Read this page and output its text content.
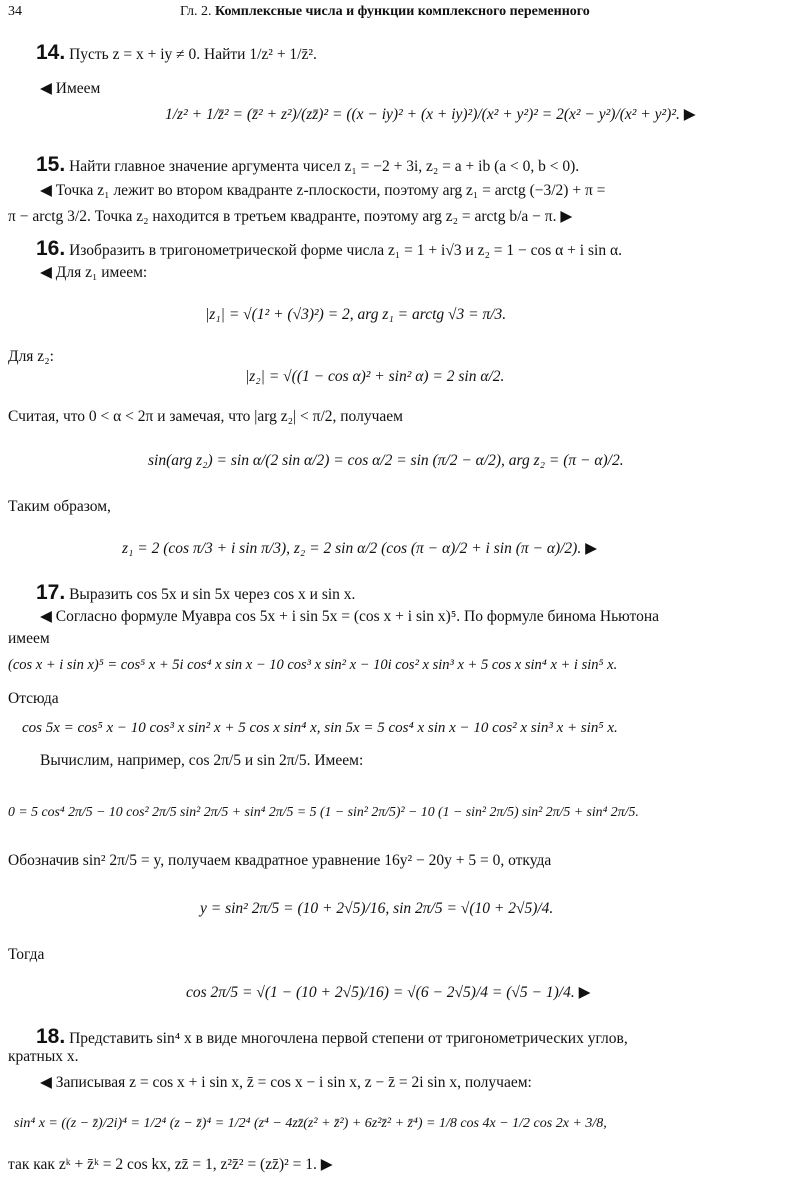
34	Гл. 2. Комплексные числа и функции комплексного переменного
14. Пусть z = x + iy ≠ 0. Найти 1/z² + 1/z̄².
◀ Имеем
1/z² + 1/z̄² = (z̄² + z²)/(zz̄)² = ((x − iy)² + (x + iy)²)/(x² + y²)² = 2(x² − y²)/(x² + y²)². ▶
15. Найти главное значение аргумента чисел z₁ = −2 + 3i, z₂ = a + ib (a < 0, b < 0).
◀ Точка z₁ лежит во втором квадранте z-плоскости, поэтому arg z₁ = arctg (−3/2) + π =
π − arctg 3/2. Точка z₂ находится в третьем квадранте, поэтому arg z₂ = arctg b/a − π. ▶
16. Изобразить в тригонометрической форме числа z₁ = 1 + i√3 и z₂ = 1 − cos α + i sin α.
◀ Для z₁ имеем:
|z₁| = √(1² + (√3)²) = 2, arg z₁ = arctg √3 = π/3.
Для z₂:
|z₂| = √((1 − cos α)² + sin² α) = 2 sin α/2.
Считая, что 0 < α < 2π и замечая, что |arg z₂| < π/2, получаем
sin(arg z₂) = sin α/(2 sin α/2) = cos α/2 = sin (π/2 − α/2), arg z₂ = (π − α)/2.
Таким образом,
z₁ = 2 (cos π/3 + i sin π/3), z₂ = 2 sin α/2 (cos (π − α)/2 + i sin (π − α)/2). ▶
17. Выразить cos 5x и sin 5x через cos x и sin x.
◀ Согласно формуле Муавра cos 5x + i sin 5x = (cos x + i sin x)⁵. По формуле бинома Ньютона
имеем
(cos x + i sin x)⁵ = cos⁵ x + 5i cos⁴ x sin x − 10 cos³ x sin² x − 10i cos² x sin³ x + 5 cos x sin⁴ x + i sin⁵ x.
Отсюда
cos 5x = cos⁵ x − 10 cos³ x sin² x + 5 cos x sin⁴ x, sin 5x = 5 cos⁴ x sin x − 10 cos² x sin³ x + sin⁵ x.
Вычислим, например, cos 2π/5 и sin 2π/5. Имеем:
0 = 5 cos⁴ 2π/5 − 10 cos² 2π/5 sin² 2π/5 + sin⁴ 2π/5 = 5 (1 − sin² 2π/5)² − 10 (1 − sin² 2π/5) sin² 2π/5 + sin⁴ 2π/5.
Обозначив sin² 2π/5 = y, получаем квадратное уравнение 16y² − 20y + 5 = 0, откуда
y = sin² 2π/5 = (10 + 2√5)/16, sin 2π/5 = √(10 + 2√5)/4.
Тогда
cos 2π/5 = √(1 − (10 + 2√5)/16) = √(6 − 2√5)/4 = (√5 − 1)/4. ▶
18. Представить sin⁴ x в виде многочлена первой степени от тригонометрических углов,
кратных x.
◀ Записывая z = cos x + i sin x, z̄ = cos x − i sin x, z − z̄ = 2i sin x, получаем:
sin⁴ x = ((z − z̄)/2i)⁴ = 1/2⁴ (z − z̄)⁴ = 1/2⁴ (z⁴ − 4zz̄(z² + z̄²) + 6z²z̄² + z̄⁴) = 1/8 cos 4x − 1/2 cos 2x + 3/8,
так как zᵏ + z̄ᵏ = 2 cos kx, zz̄ = 1, z²z̄² = (zz̄)² = 1. ▶
